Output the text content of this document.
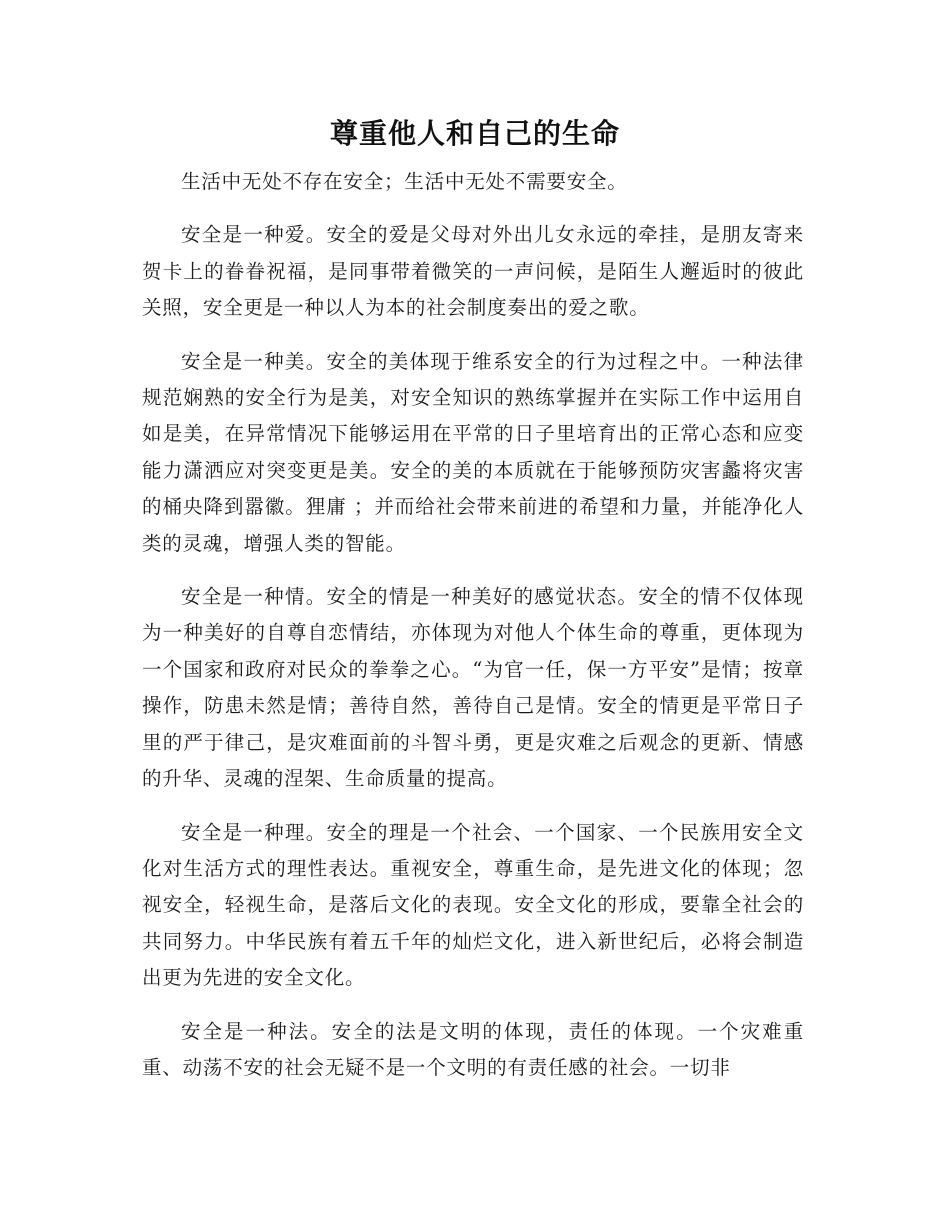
尊重他人和自己的生命

生活中无处不存在安全；生活中无处不需要安全。

安全是一种爱。安全的爱是父母对外出儿女永远的牵挂，是朋友寄来贺卡上的眷眷祝福，是同事带着微笑的一声问候，是陌生人邂逅时的彼此关照，安全更是一种以人为本的社会制度奏出的爱之歌。

安全是一种美。安全的美体现于维系安全的行为过程之中。一种法律规范娴熟的安全行为是美，对安全知识的熟练掌握并在实际工作中运用自如是美，在异常情况下能够运用在平常的日子里培育出的正常心态和应变能力潇洒应对突变更是美。安全的美的本质就在于能够预防灾害蠡将灾害的桶央降到嚣徽。狸庸 ；并而给社会带来前进的希望和力量，并能净化人类的灵魂，增强人类的智能。

安全是一种情。安全的情是一种美好的感觉状态。安全的情不仅体现为一种美好的自尊自恋情结，亦体现为对他人个体生命的尊重，更体现为一个国家和政府对民众的拳拳之心。“为官一任，保一方平安”是情；按章操作，防患未然是情；善待自然，善待自己是情。安全的情更是平常日子里的严于律己，是灾难面前的斗智斗勇，更是灾难之后观念的更新、情感的升华、灵魂的涅架、生命质量的提高。

安全是一种理。安全的理是一个社会、一个国家、一个民族用安全文化对生活方式的理性表达。重视安全，尊重生命，是先进文化的体现；忽视安全，轻视生命，是落后文化的表现。安全文化的形成，要靠全社会的共同努力。中华民族有着五千年的灿烂文化，进入新世纪后，必将会制造出更为先进的安全文化。

安全是一种法。安全的法是文明的体现，责任的体现。一个灾难重重、动荡不安的社会无疑不是一个文明的有责任感的社会。一切非
